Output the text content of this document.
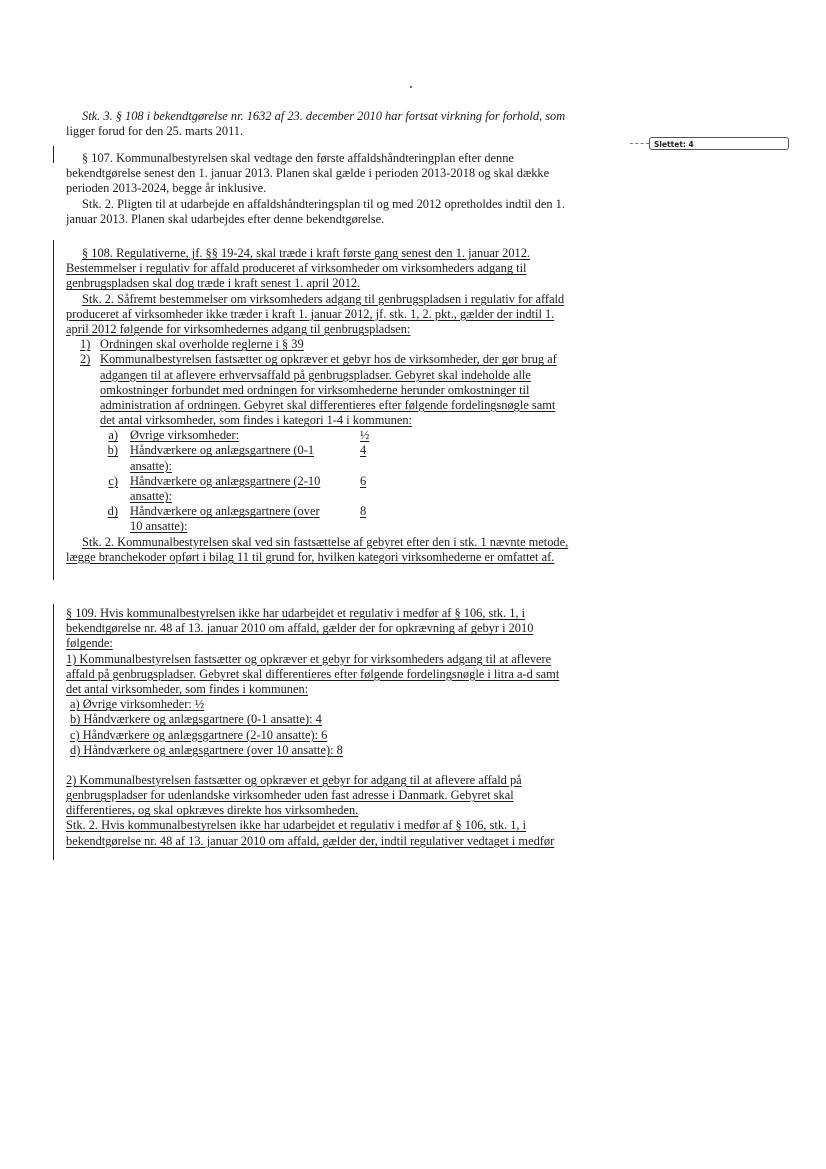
Stk. 3. § 108 i bekendtgørelse nr. 1632 af 23. december 2010 har fortsat virkning for forhold, som
ligger forud for den 25. marts 2011.
Slettet: 4
§ 107. Kommunalbestyrelsen skal vedtage den første affaldshåndteringplan efter denne
bekendtgørelse senest den 1. januar 2013. Planen skal gælde i perioden 2013-2018 og skal dække
perioden 2013-2024, begge år inklusive.
Stk. 2. Pligten til at udarbejde en affaldshåndteringsplan til og med 2012 opretholdes indtil den 1.
januar 2013. Planen skal udarbejdes efter denne bekendtgørelse.
§ 108. Regulativerne, jf. §§ 19-24, skal træde i kraft første gang senest den 1. januar 2012.
Bestemmelser i regulativ for affald produceret af virksomheder om virksomheders adgang til
genbrugspladsen skal dog træde i kraft senest 1. april 2012.
Stk. 2. Såfremt bestemmelser om virksomheders adgang til genbrugspladsen i regulativ for affald
produceret af virksomheder ikke træder i kraft 1. januar 2012, jf. stk. 1, 2. pkt., gælder der indtil 1.
april 2012 følgende for virksomhedernes adgang til genbrugspladsen:
1) Ordningen skal overholde reglerne i § 39
2) Kommunalbestyrelsen fastsætter og opkræver et gebyr hos de virksomheder, der gør brug af
adgangen til at aflevere erhvervsaffald på genbrugspladser. Gebyret skal indeholde alle
omkostninger forbundet med ordningen for virksomhederne herunder omkostninger til
administration af ordningen. Gebyret skal differentieres efter følgende fordelingsnøgle samt
det antal virksomheder, som findes i kategori 1-4 i kommunen:
a) Øvrige virksomheder:	½
b) Håndværkere og anlægsgartnere (0-1	4
ansatte):
c) Håndværkere og anlægsgartnere (2-10	6
ansatte):
d) Håndværkere og anlægsgartnere (over	8
10 ansatte):
Stk. 2. Kommunalbestyrelsen skal ved sin fastsættelse af gebyret efter den i stk. 1 nævnte metode,
lægge branchekoder opført i bilag 11 til grund for, hvilken kategori virksomhederne er omfattet af.
§ 109. Hvis kommunalbestyrelsen ikke har udarbejdet et regulativ i medfør af § 106, stk. 1, i
bekendtgørelse nr. 48 af 13. januar 2010 om affald, gælder der for opkrævning af gebyr i 2010
følgende:
1) Kommunalbestyrelsen fastsætter og opkræver et gebyr for virksomheders adgang til at aflevere
affald på genbrugspladser. Gebyret skal differentieres efter følgende fordelingsnøgle i litra a-d samt
det antal virksomheder, som findes i kommunen:
a) Øvrige virksomheder: ½
b) Håndværkere og anlægsgartnere (0-1 ansatte): 4
c) Håndværkere og anlægsgartnere (2-10 ansatte): 6
d) Håndværkere og anlægsgartnere (over 10 ansatte): 8
2) Kommunalbestyrelsen fastsætter og opkræver et gebyr for adgang til at aflevere affald på
genbrugspladser for udenlandske virksomheder uden fast adresse i Danmark. Gebyret skal
differentieres, og skal opkræves direkte hos virksomheden.
Stk. 2. Hvis kommunalbestyrelsen ikke har udarbejdet et regulativ i medfør af § 106, stk. 1, i
bekendtgørelse nr. 48 af 13. januar 2010 om affald, gælder der, indtil regulativer vedtaget i medfør
